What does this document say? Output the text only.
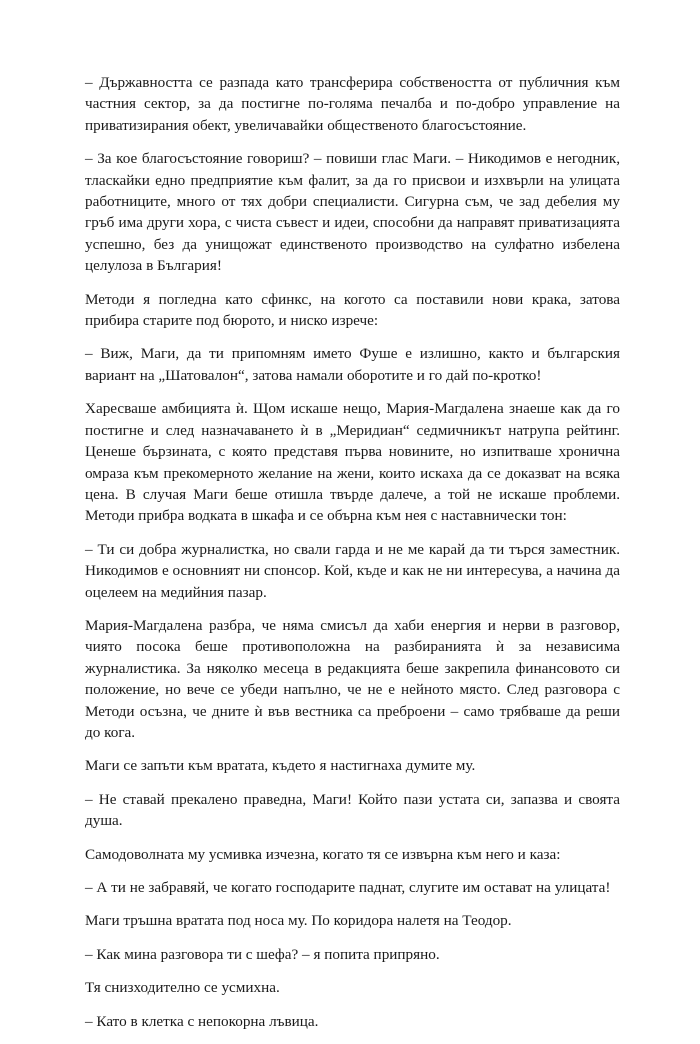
– Държавността се разпада като трансферира собствеността от публичния към частния сектор, за да постигне по-голяма печалба и по-добро управление на приватизирания обект, увеличавайки общественото благосъстояние.

– За кое благосъстояние говориш? – повиши глас Маги. – Никодимов е негодник, тласкайки едно предприятие към фалит, за да го присвои и изхвърли на улицата работниците, много от тях добри специалисти. Сигурна съм, че зад дебелия му гръб има други хора, с чиста съвест и идеи, способни да направят приватизацията успешно, без да унищожат единственото производство на сулфатно избелена целулоза в България!

Методи я погледна като сфинкс, на когото са поставили нови крака, затова прибира старите под бюрото, и ниско изрече:

– Виж, Маги, да ти припомням името Фуше е излишно, както и българския вариант на „Шатовалон“, затова намали оборотите и го дай по-кротко!

Харесваше амбицията ѝ. Щом искаше нещо, Мария-Магдалена знаеше как да го постигне и след назначаването ѝ в „Меридиан“ седмичникът натрупа рейтинг. Ценеше бързината, с която представя първа новините, но изпитваше хронична омраза към прекомерното желание на жени, които искаха да се доказват на всяка цена. В случая Маги беше отишла твърде далече, а той не искаше проблеми. Методи прибра водката в шкафа и се обърна към нея с наставнически тон:

– Ти си добра журналистка, но свали гарда и не ме карай да ти търся заместник. Никодимов е основният ни спонсор. Кой, къде и как не ни интересува, а начина да оцелеем на медийния пазар.

Мария-Магдалена разбра, че няма смисъл да хаби енергия и нерви в разговор, чиято посока беше противоположна на разбиранията ѝ за независима журналистика. За няколко месеца в редакцията беше закрепила финансовото си положение, но вече се убеди напълно, че не е нейното място. След разговора с Методи осъзна, че дните ѝ във вестника са преброени – само трябваше да реши до кога.

Маги се запъти към вратата, където я настигнаха думите му.

– Не ставай прекалено праведна, Маги! Който пази устата си, запазва и своята душа.

Самодоволната му усмивка изчезна, когато тя се извърна към него и каза:

– А ти не забравяй, че когато господарите паднат, слугите им остават на улицата!

Маги тръшна вратата под носа му. По коридора налетя на Теодор.

– Как мина разговора ти с шефа? – я попита припряно.

Тя снизходително се усмихна.

– Като в клетка с непокорна лъвица.
